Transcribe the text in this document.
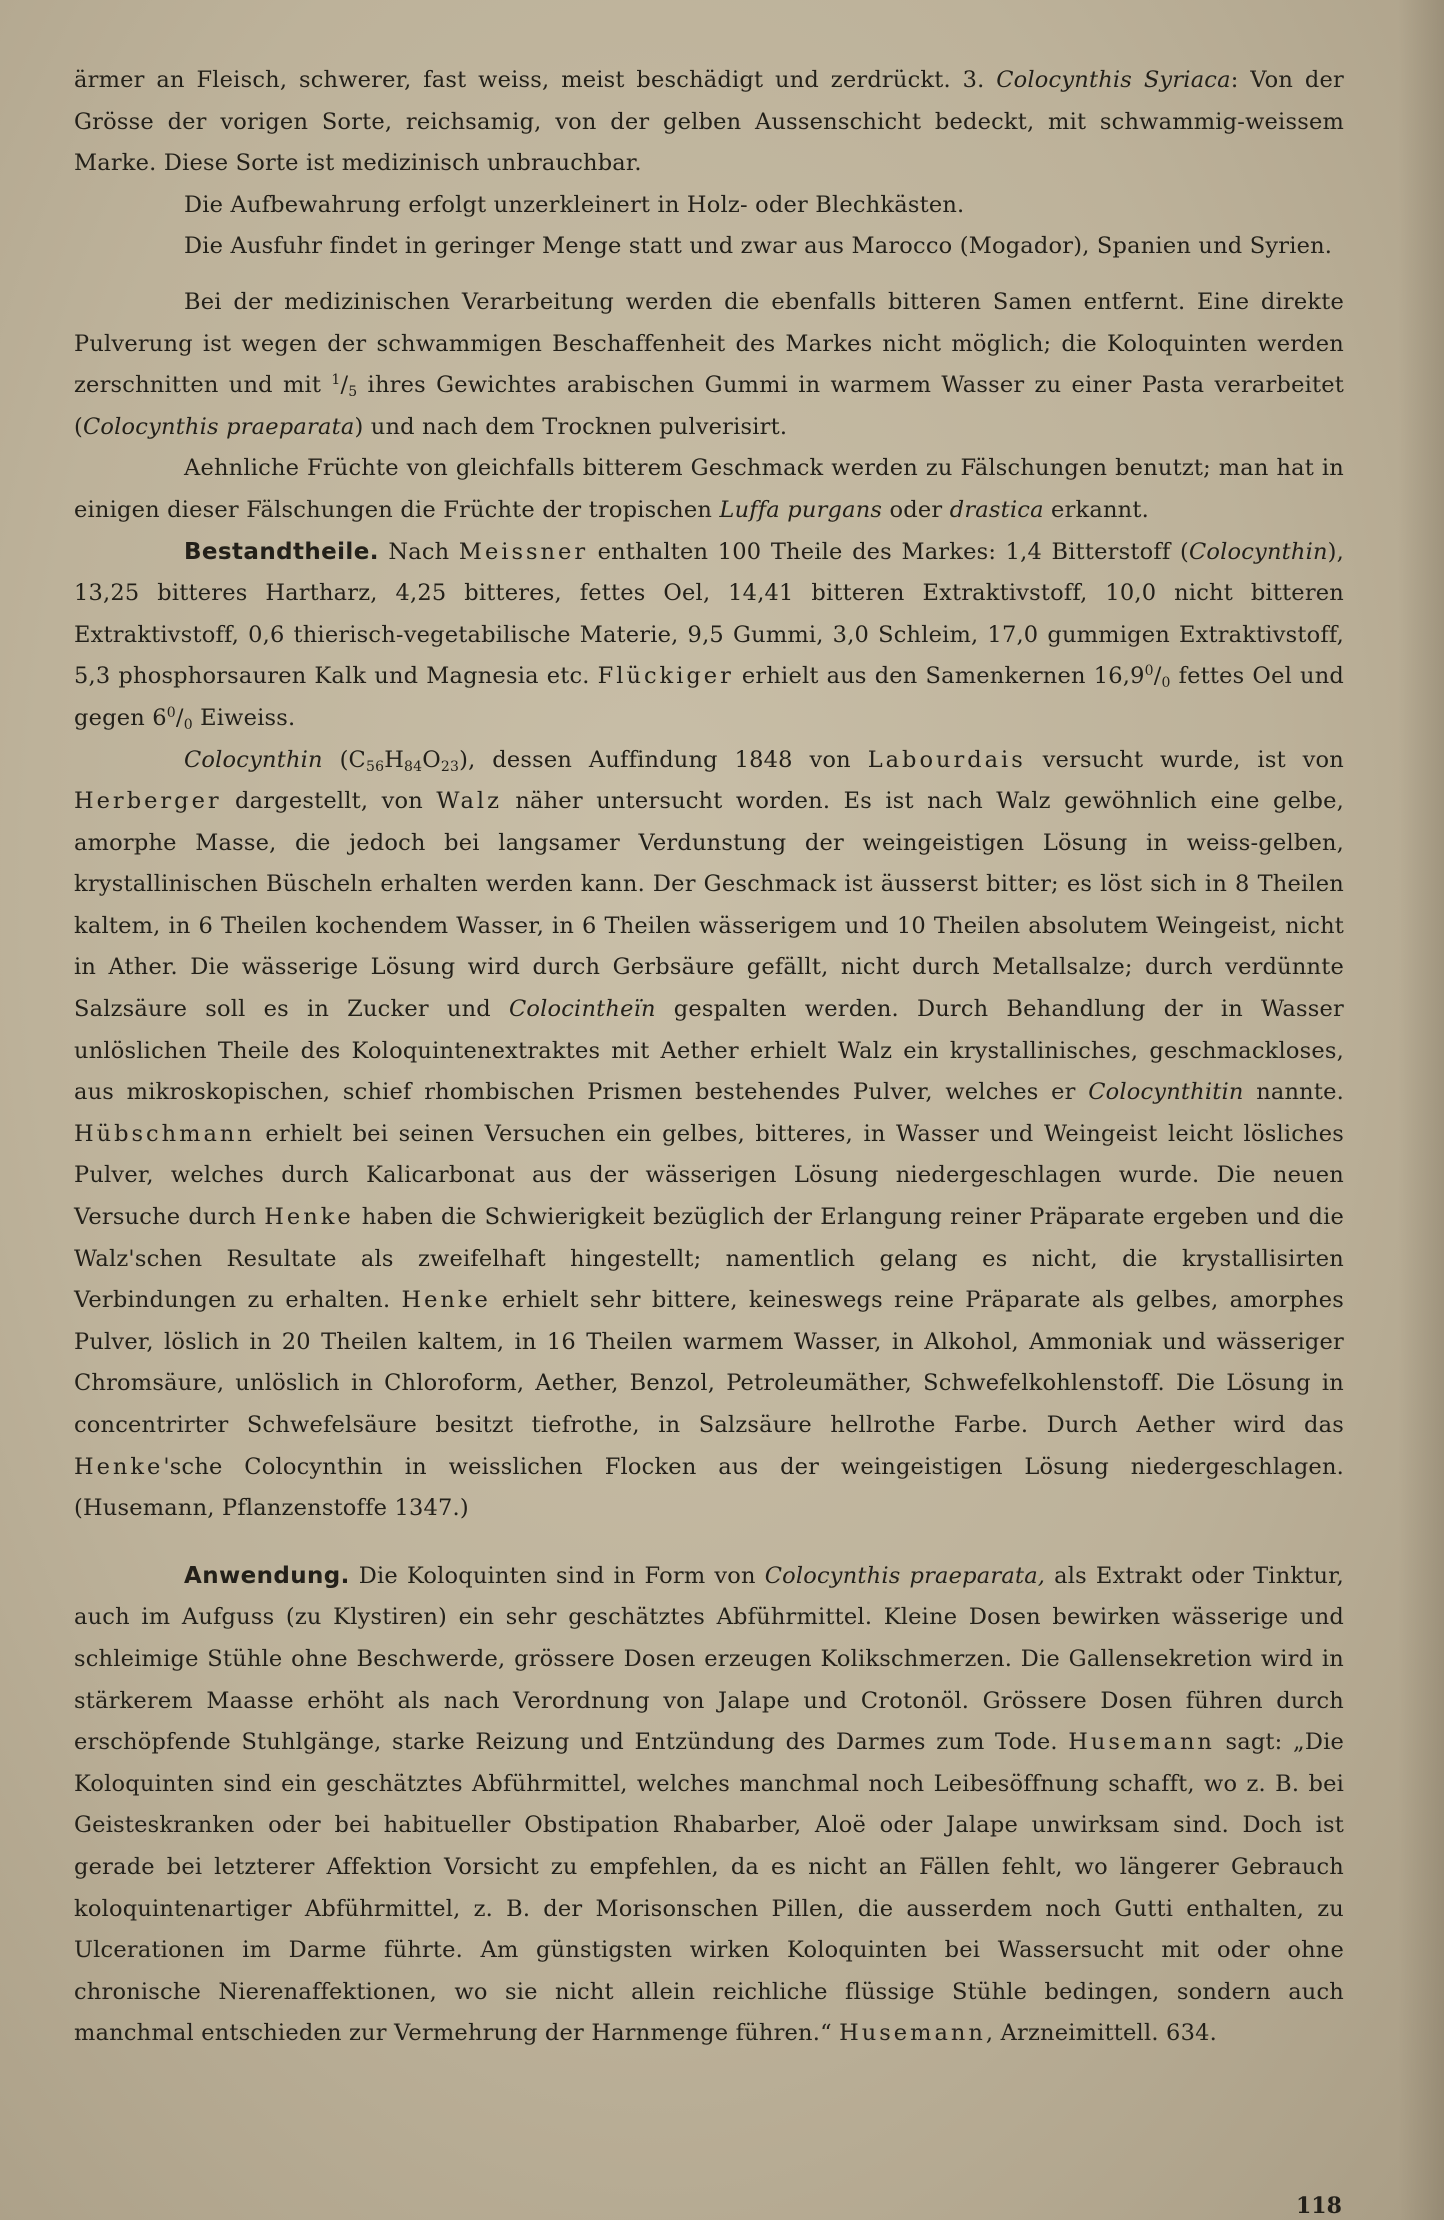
ärmer an Fleisch, schwerer, fast weiss, meist beschädigt und zerdrückt. 3. Colocynthis Syriaca: Von der Grösse der vorigen Sorte, reichsamig, von der gelben Aussenschicht bedeckt, mit schwammig-weissem Marke. Diese Sorte ist medizinisch unbrauchbar.

Die Aufbewahrung erfolgt unzerkleinert in Holz- oder Blechkästen.

Die Ausfuhr findet in geringer Menge statt und zwar aus Marocco (Mogador), Spanien und Syrien.

Bei der medizinischen Verarbeitung werden die ebenfalls bitteren Samen entfernt. Eine direkte Pulverung ist wegen der schwammigen Beschaffenheit des Markes nicht möglich; die Koloquinten werden zerschnitten und mit $^1/_5$ ihres Gewichtes arabischen Gummi in warmem Wasser zu einer Pasta verarbeitet (Colocynthis praeparata) und nach dem Trocknen pulverisirt.

Aehnliche Früchte von gleichfalls bitterem Geschmack werden zu Fälschungen benutzt; man hat in einigen dieser Fälschungen die Früchte der tropischen Luffa purgans oder drastica erkannt.

Bestandtheile. Nach Meissner enthalten 100 Theile des Markes: 1,4 Bitterstoff (Colocynthin), 13,25 bitteres Hartharz, 4,25 bitteres, fettes Oel, 14,41 bitteren Extraktivstoff, 10,0 nicht bitteren Extraktivstoff, 0,6 thierisch-vegetabilische Materie, 9,5 Gummi, 3,0 Schleim, 17,0 gummigen Extraktivstoff, 5,3 phosphorsauren Kalk und Magnesia etc. Flückiger erhielt aus den Samenkernen $16,9^0/_0$ fettes Oel und gegen $6^0/_0$ Eiweiss.

Colocynthin $(C_{56}H_{84}O_{23})$, dessen Auffindung 1848 von Labourdais versucht wurde, ist von Herberger dargestellt, von Walz näher untersucht worden. Es ist nach Walz gewöhnlich eine gelbe, amorphe Masse, die jedoch bei langsamer Verdunstung der weingeistigen Lösung in weiss-gelben, krystallinischen Büscheln erhalten werden kann. Der Geschmack ist äusserst bitter; es löst sich in 8 Theilen kaltem, in 6 Theilen kochendem Wasser, in 6 Theilen wässerigem und 10 Theilen absolutem Weingeist, nicht in Ather. Die wässerige Lösung wird durch Gerbsäure gefällt, nicht durch Metallsalze; durch verdünnte Salzsäure soll es in Zucker und Colocintheïn gespalten werden. Durch Behandlung der in Wasser unlöslichen Theile des Koloquintenextraktes mit Aether erhielt Walz ein krystallinisches, geschmackloses, aus mikroskopischen, schief rhombischen Prismen bestehendes Pulver, welches er Colocynthitin nannte. Hübschmann erhielt bei seinen Versuchen ein gelbes, bitteres, in Wasser und Weingeist leicht lösliches Pulver, welches durch Kalicarbonat aus der wässerigen Lösung niedergeschlagen wurde. Die neuen Versuche durch Henke haben die Schwierigkeit bezüglich der Erlangung reiner Präparate ergeben und die Walz'schen Resultate als zweifelhaft hingestellt; namentlich gelang es nicht, die krystallisirten Verbindungen zu erhalten. Henke erhielt sehr bittere, keineswegs reine Präparate als gelbes, amorphes Pulver, löslich in 20 Theilen kaltem, in 16 Theilen warmem Wasser, in Alkohol, Ammoniak und wässeriger Chromsäure, unlöslich in Chloroform, Aether, Benzol, Petroleumäther, Schwefelkohlenstoff. Die Lösung in concentrirter Schwefelsäure besitzt tiefrothe, in Salzsäure hellrothe Farbe. Durch Aether wird das Henke'sche Colocynthin in weisslichen Flocken aus der weingeistigen Lösung niedergeschlagen. (Husemann, Pflanzenstoffe 1347.)

Anwendung. Die Koloquinten sind in Form von Colocynthis praeparata, als Extrakt oder Tinktur, auch im Aufguss (zu Klystiren) ein sehr geschätztes Abführmittel. Kleine Dosen bewirken wässerige und schleimige Stühle ohne Beschwerde, grössere Dosen erzeugen Kolikschmerzen. Die Gallensekretion wird in stärkerem Maasse erhöht als nach Verordnung von Jalape und Crotonöl. Grössere Dosen führen durch erschöpfende Stuhlgänge, starke Reizung und Entzündung des Darmes zum Tode. Husemann sagt: „Die Koloquinten sind ein geschätztes Abführmittel, welches manchmal noch Leibesöffnung schafft, wo z. B. bei Geisteskranken oder bei habitueller Obstipation Rhabarber, Aloë oder Jalape unwirksam sind. Doch ist gerade bei letzterer Affektion Vorsicht zu empfehlen, da es nicht an Fällen fehlt, wo längerer Gebrauch koloquintenartiger Abführmittel, z. B. der Morisonschen Pillen, die ausserdem noch Gutti enthalten, zu Ulcerationen im Darme führte. Am günstigsten wirken Koloquinten bei Wassersucht mit oder ohne chronische Nierenaffektionen, wo sie nicht allein reichliche flüssige Stühle bedingen, sondern auch manchmal entschieden zur Vermehrung der Harnmenge führen.“ Husemann, Arzneimittell. 634.

118
